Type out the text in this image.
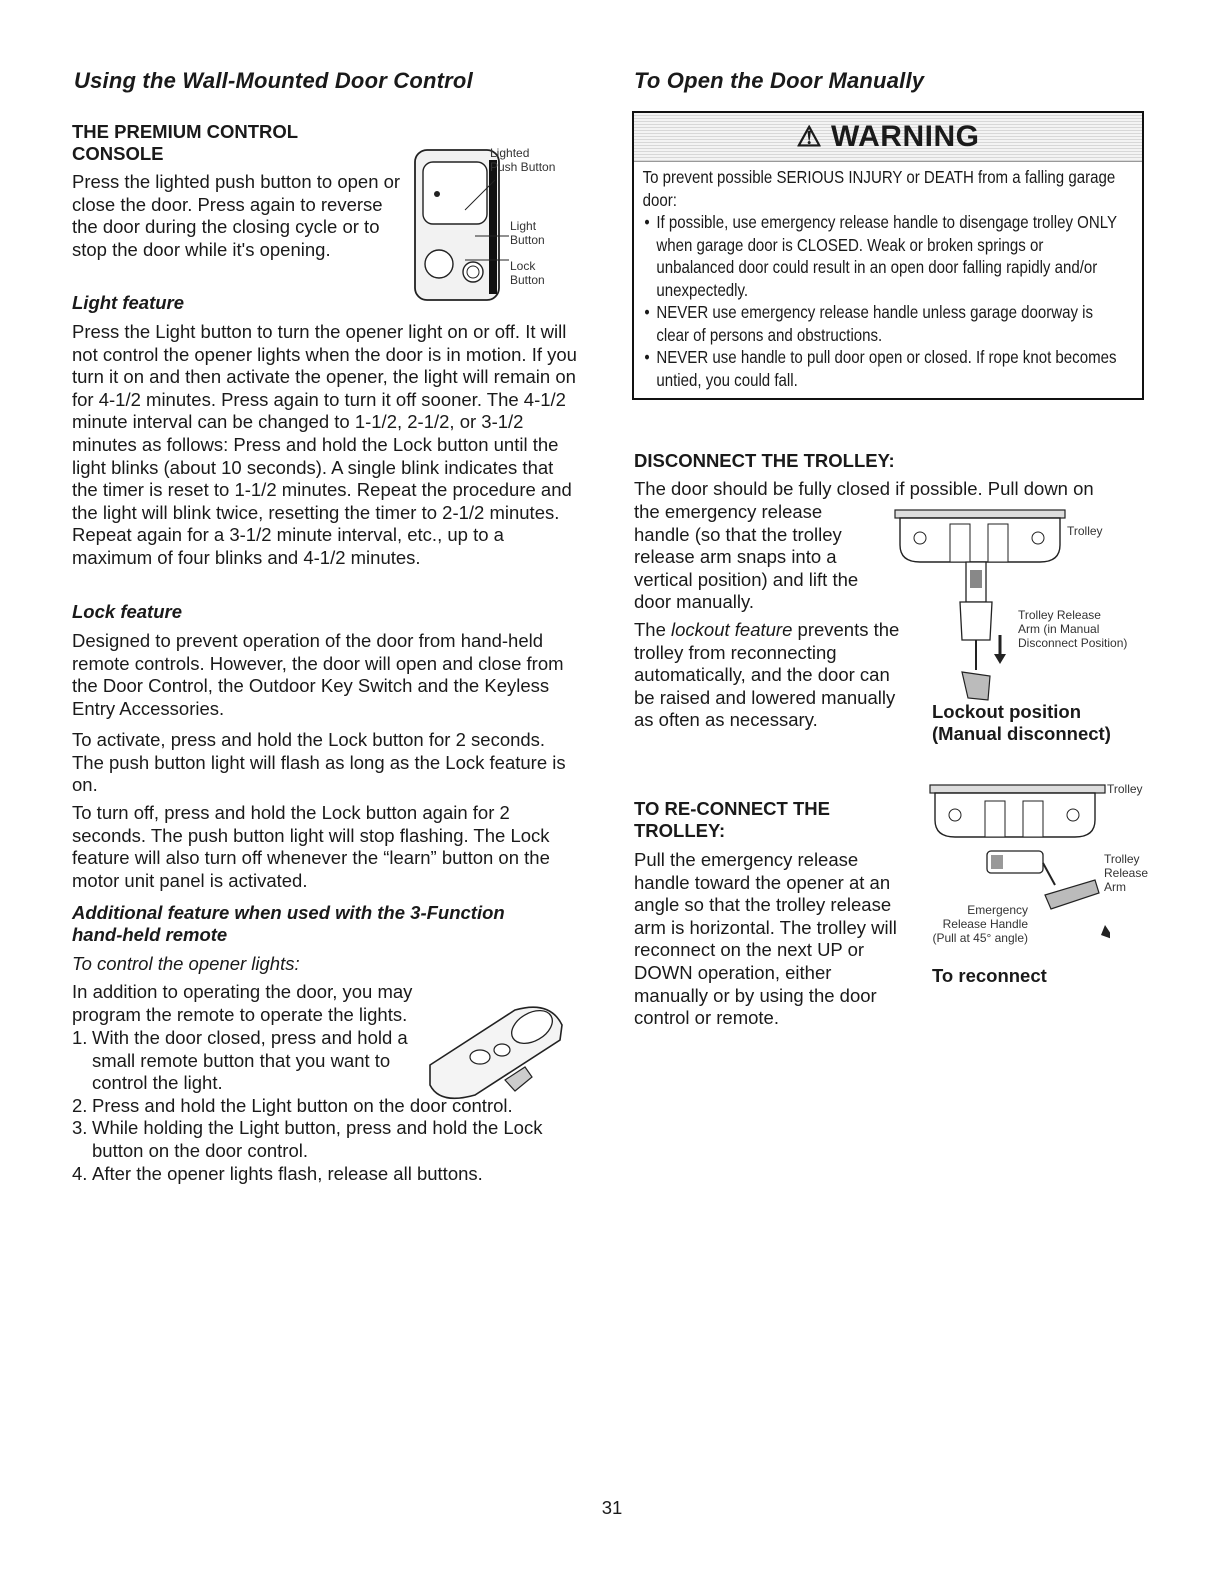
Using the Wall-Mounted Door Control
THE PREMIUM CONTROL
CONSOLE
Press the lighted push button to open or close the door. Press again to reverse the door during the closing cycle or to stop the door while it's opening.
Lighted
Push Button
Light
Button
Lock
Button
Light feature
Press the Light button to turn the opener light on or off. It will not control the opener lights when the door is in motion. If you turn it on and then activate the opener, the light will remain on for 4-1/2 minutes. Press again to turn it off sooner. The 4-1/2 minute interval can be changed to 1-1/2, 2-1/2, or 3-1/2 minutes as follows: Press and hold the Lock button until the light blinks (about 10 seconds). A single blink indicates that the timer is reset to 1-1/2 minutes. Repeat the procedure and the light will blink twice, resetting the timer to 2-1/2 minutes. Repeat again for a 3-1/2 minute interval, etc., up to a maximum of four blinks and 4-1/2 minutes.
Lock feature
Designed to prevent operation of the door from hand-held remote controls. However, the door will open and close from the Door Control, the Outdoor Key Switch and the Keyless Entry Accessories.
To activate, press and hold the Lock button for 2 seconds. The push button light will flash as long as the Lock feature is on.
To turn off, press and hold the Lock button again for 2 seconds. The push button light will stop flashing. The Lock feature will also turn off whenever the “learn” button on the motor unit panel is activated.
Additional feature when used with the 3-Function
hand-held remote
To control the opener lights:
In addition to operating the door, you may program the remote to operate the lights.
1. With the door closed, press and hold a small remote button that you want to control the light.
2. Press and hold the Light button on the door control.
3. While holding the Light button, press and hold the Lock button on the door control.
4. After the opener lights flash, release all buttons.
To Open the Door Manually
⚠ WARNING
To prevent possible SERIOUS INJURY or DEATH from a falling garage door:
• If possible, use emergency release handle to disengage trolley ONLY when garage door is CLOSED. Weak or broken springs or unbalanced door could result in an open door falling rapidly and/or unexpectedly.
• NEVER use emergency release handle unless garage doorway is clear of persons and obstructions.
• NEVER use handle to pull door open or closed. If rope knot becomes untied, you could fall.
DISCONNECT THE TROLLEY:
The door should be fully closed if possible. Pull down on
the emergency release handle (so that the trolley release arm snaps into a vertical position) and lift the door manually.
The lockout feature prevents the trolley from reconnecting automatically, and the door can be raised and lowered manually as often as necessary.
Trolley
Trolley Release
Arm (in Manual
Disconnect Position)
Lockout position
(Manual disconnect)
TO RE-CONNECT THE
TROLLEY:
Pull the emergency release handle toward the opener at an angle so that the trolley release arm is horizontal. The trolley will reconnect on the next UP or DOWN operation, either manually or by using the door control or remote.
Trolley
Trolley
Release
Arm
Emergency
Release Handle
(Pull at 45° angle)
To reconnect
31
